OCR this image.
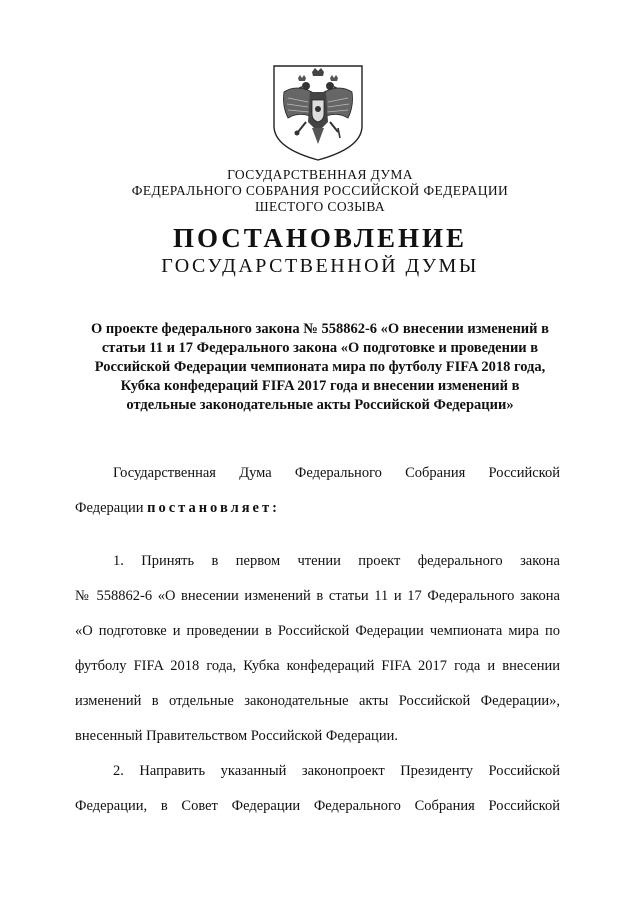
ГОСУДАРСТВЕННАЯ ДУМА
ФЕДЕРАЛЬНОГО СОБРАНИЯ РОССИЙСКОЙ ФЕДЕРАЦИИ
ШЕСТОГО СОЗЫВА
ПОСТАНОВЛЕНИЕ
ГОСУДАРСТВЕННОЙ ДУМЫ
О проекте федерального закона № 558862-6 «О внесении изменений в
статьи 11 и 17 Федерального закона «О подготовке и проведении в
Российской Федерации чемпионата мира по футболу FIFA 2018 года,
Кубка конфедераций FIFA 2017 года и внесении изменений в
отдельные законодательные акты Российской Федерации»
Государственная Дума Федерального Собрания Российской
Федерации постановляет:
1. Принять в первом чтении проект федерального закона
№ 558862-6 «О внесении изменений в статьи 11 и 17 Федерального закона
«О подготовке и проведении в Российской Федерации чемпионата мира по
футболу FIFA 2018 года, Кубка конфедераций FIFA 2017 года и внесении
изменений в отдельные законодательные акты Российской Федерации»,
внесенный Правительством Российской Федерации.
2. Направить указанный законопроект Президенту Российской
Федерации, в Совет Федерации Федерального Собрания Российской
